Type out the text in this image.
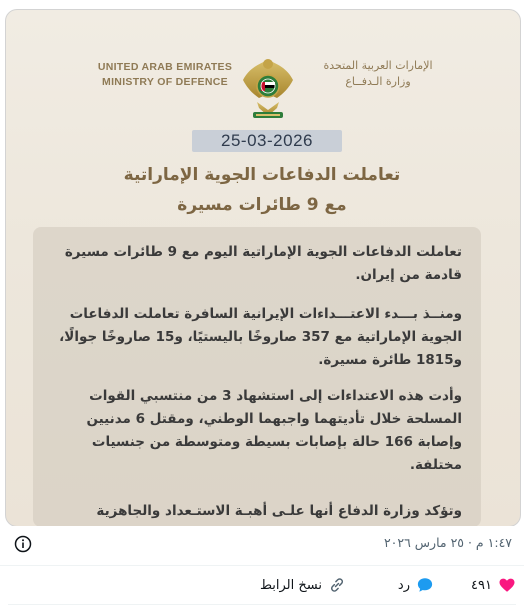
UNITED ARAB EMIRATES
MINISTRY OF DEFENCE
الإمارات العربية المتحدة
وزارة الـدفــاع
25-03-2026
تعاملت الدفاعات الجوية الإماراتية
مع 9 طائرات مسيرة
تعاملت الدفاعات الجوية الإماراتية اليوم مع 9 طائرات مسيرة قادمة من إيران.
ومنــذ بـــدء الاعتـــداءات الإيرانية السافرة تعاملت الدفاعات الجوية الإماراتية مع 357 صاروخًا باليستيًا، و15 صاروخًا جوالًا، و1815 طائرة مسيرة.
وأدت هذه الاعتداءات إلى استشهاد 3 من منتسبي القوات المسلحة خلال تأديتهما واجبهما الوطني، ومقتل 6 مدنيين وإصابة 166 حالة بإصابات بسيطة ومتوسطة من جنسيات مختلفة.
وتؤكد وزارة الدفاع أنها علـى أهبـة الاستـعداد والجاهزية
١:٤٧ م · ٢٥ مارس ٢٠٢٦
٤٩١
رد
نسخ الرابط
